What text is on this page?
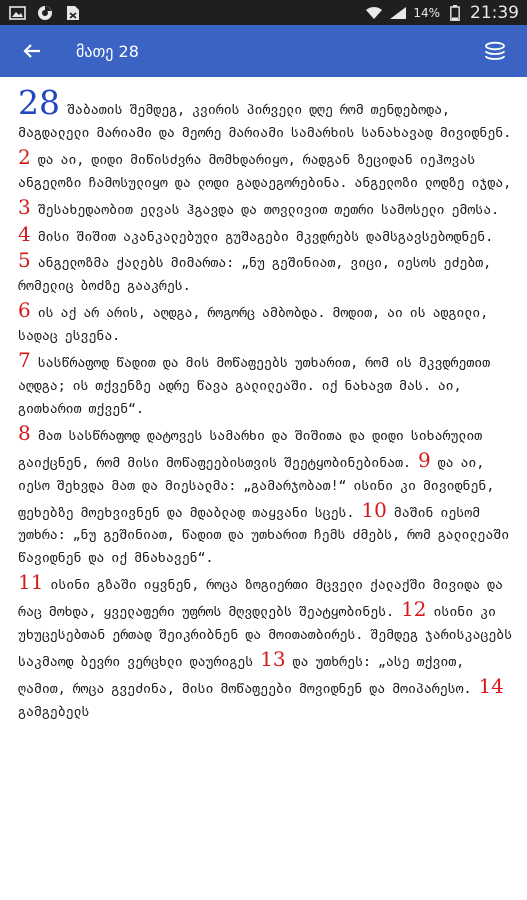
14% 21:39
მათე 28
28 შაბათის შემდეგ, კვირის პირველი დღე რომ თენდებოდა, მაგდალელი მარიამი და მეორე მარიამი სამარხის სანახავად მივიდნენ.
2 და აი, დიდი მიწისძვრა მომხდარიყო, რადგან ზეციდან იეჰოვას ანგელოზი ჩამოსულიყო და ლოდი გადაეგორებინა. ანგელოზი ლოდზე იჯდა,
3 შესახედაობით ელვას ჰგავდა და თოვლივით თეთრი სამოსელი ემოსა. 4 მისი შიშით აკანკალებული გუშაგები მკვდრებს დამსგავსებოდნენ.
5 ანგელოზმა ქალებს მიმართა: „ნუ გეშინიათ, ვიცი, იესოს ეძებთ, რომელიც ბოძზე გააკრეს.
6 ის აქ არ არის, აღდგა, როგორც ამბობდა. მოდით, აი ის ადგილი, სადაც ესვენა.
7 სასწრაფოდ წადით და მის მოწაფეებს უთხარით, რომ ის მკვდრეთით აღდგა; ის თქვენზე ადრე წავა გალილეაში. იქ ნახავთ მას. აი, გითხარით თქვენ“.
8 მათ სასწრაფოდ დატოვეს სამარხი და შიშითა და დიდი სიხარულით გაიქცნენ, რომ მისი მოწაფეებისთვის შეეტყობინებინათ. 9 და აი, იესო შეხვდა მათ და მიესალმა: „გამარჯობათ!“ ისინი კი მივიდნენ, ფეხებზე მოეხვივნენ და მდაბლად თაყვანი სცეს. 10 მაშინ იესომ უთხრა: „ნუ გეშინიათ, წადით და უთხარით ჩემს ძმებს, რომ გალილეაში წავიდნენ და იქ მნახავენ“.
11 ისინი გზაში იყვნენ, როცა ზოგიერთი მცველი ქალაქში მივიდა და რაც მოხდა, ყველაფერი უფროს მღვდლებს შეატყობინეს. 12 ისინი კი უხუცესებთან ერთად შეიკრიბნენ და მოითათბირეს. შემდეგ ჯარისკაცებს საკმაოდ ბევრი ვერცხლი დაურიგეს 13 და უთხრეს: „ასე თქვით, ღამით, როცა გვეძინა, მისი მოწაფეები მოვიდნენ და მოიპარესო. 14 გამგებელს
